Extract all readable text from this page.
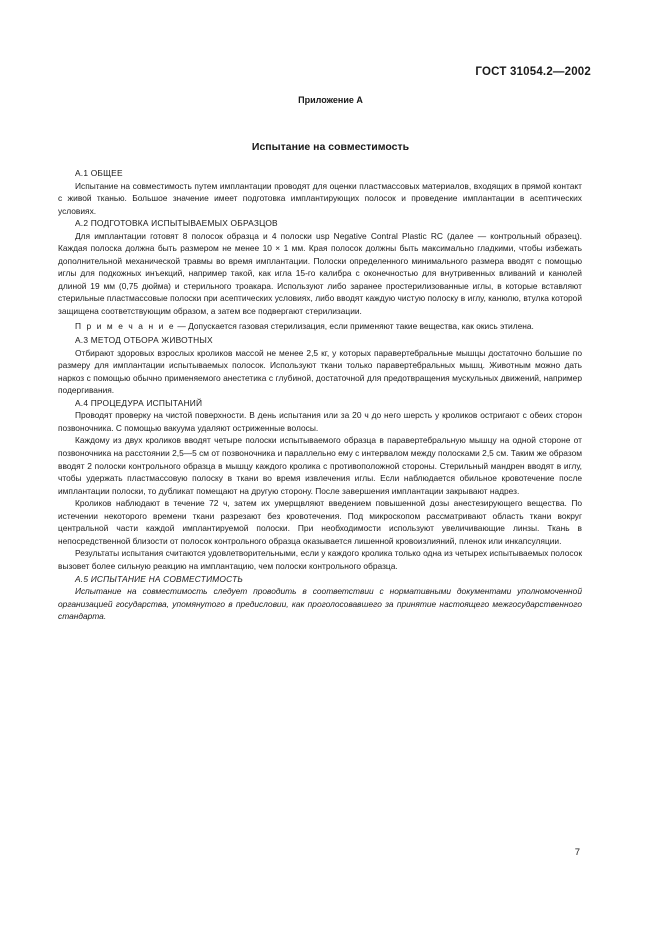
ГОСТ 31054.2—2002
Приложение А
Испытание на совместимость
А.1 ОБЩЕЕ

Испытание на совместимость путем имплантации проводят для оценки пластмассовых материалов, входящих в прямой контакт с живой тканью. Большое значение имеет подготовка имплантирующих полосок и проведение имплантации в асептических условиях.

А.2 ПОДГОТОВКА ИСПЫТЫВАЕМЫХ ОБРАЗЦОВ

Для имплантации готовят 8 полосок образца и 4 полоски usp Negative Contral Plastic RC (далее — контрольный образец). Каждая полоска должна быть размером не менее 10 × 1 мм. Края полосок должны быть максимально гладкими, чтобы избежать дополнительной механической травмы во время имплантации. Полоски определенного минимального размера вводят с помощью иглы для подкожных инъекций, например такой, как игла 15-го калибра с оконечностью для внутривенных вливаний и канюлей длиной 19 мм (0,75 дюйма) и стерильного троакара. Используют либо заранее простерилизованные иглы, в которые вставляют стерильные пластмассовые полоски при асептических условиях, либо вводят каждую чистую полоску в иглу, канюлю, втулка которой защищена соответствующим образом, а затем все подвергают стерилизации.

П р и м е ч а н и е — Допускается газовая стерилизация, если применяют такие вещества, как окись этилена.

А.3 МЕТОД ОТБОРА ЖИВОТНЫХ

Отбирают здоровых взрослых кроликов массой не менее 2,5 кг, у которых паравертебральные мышцы достаточно большие по размеру для имплантации испытываемых полосок. Используют ткани только паравертебральных мышц. Животным можно дать наркоз с помощью обычно применяемого анестетика с глубиной, достаточной для предотвращения мускульных движений, например подергивания.

А.4 ПРОЦЕДУРА ИСПЫТАНИЙ

Проводят проверку на чистой поверхности. В день испытания или за 20 ч до него шерсть у кроликов остригают с обеих сторон позвоночника. С помощью вакуума удаляют остриженные волосы.

Каждому из двух кроликов вводят четыре полоски испытываемого образца в паравертебральную мышцу на одной стороне от позвоночника на расстоянии 2,5—5 см от позвоночника и параллельно ему с интервалом между полосками 2,5 см. Таким же образом вводят 2 полоски контрольного образца в мышцу каждого кролика с противоположной стороны. Стерильный мандрен вводят в иглу, чтобы удержать пластмассовую полоску в ткани во время извлечения иглы. Если наблюдается обильное кровотечение после имплантации полоски, то дубликат помещают на другую сторону. После завершения имплантации закрывают надрез.

Кроликов наблюдают в течение 72 ч, затем их умерщвляют введением повышенной дозы анестезирующего вещества. По истечении некоторого времени ткани разрезают без кровотечения. Под микроскопом рассматривают область ткани вокруг центральной части каждой имплантируемой полоски. При необходимости используют увеличивающие линзы. Ткань в непосредственной близости от полосок контрольного образца оказывается лишенной кровоизлияний, пленок или инкапсуляции.

Результаты испытания считаются удовлетворительными, если у каждого кролика только одна из четырех испытываемых полосок вызовет более сильную реакцию на имплантацию, чем полоски контрольного образца.

А.5 ИСПЫТАНИЕ НА СОВМЕСТИМОСТЬ

Испытание на совместимость следует проводить в соответствии с нормативными документами уполномоченной организацией государства, упомянутого в предисловии, как проголосовавшего за принятие настоящего межгосударственного стандарта.

7
